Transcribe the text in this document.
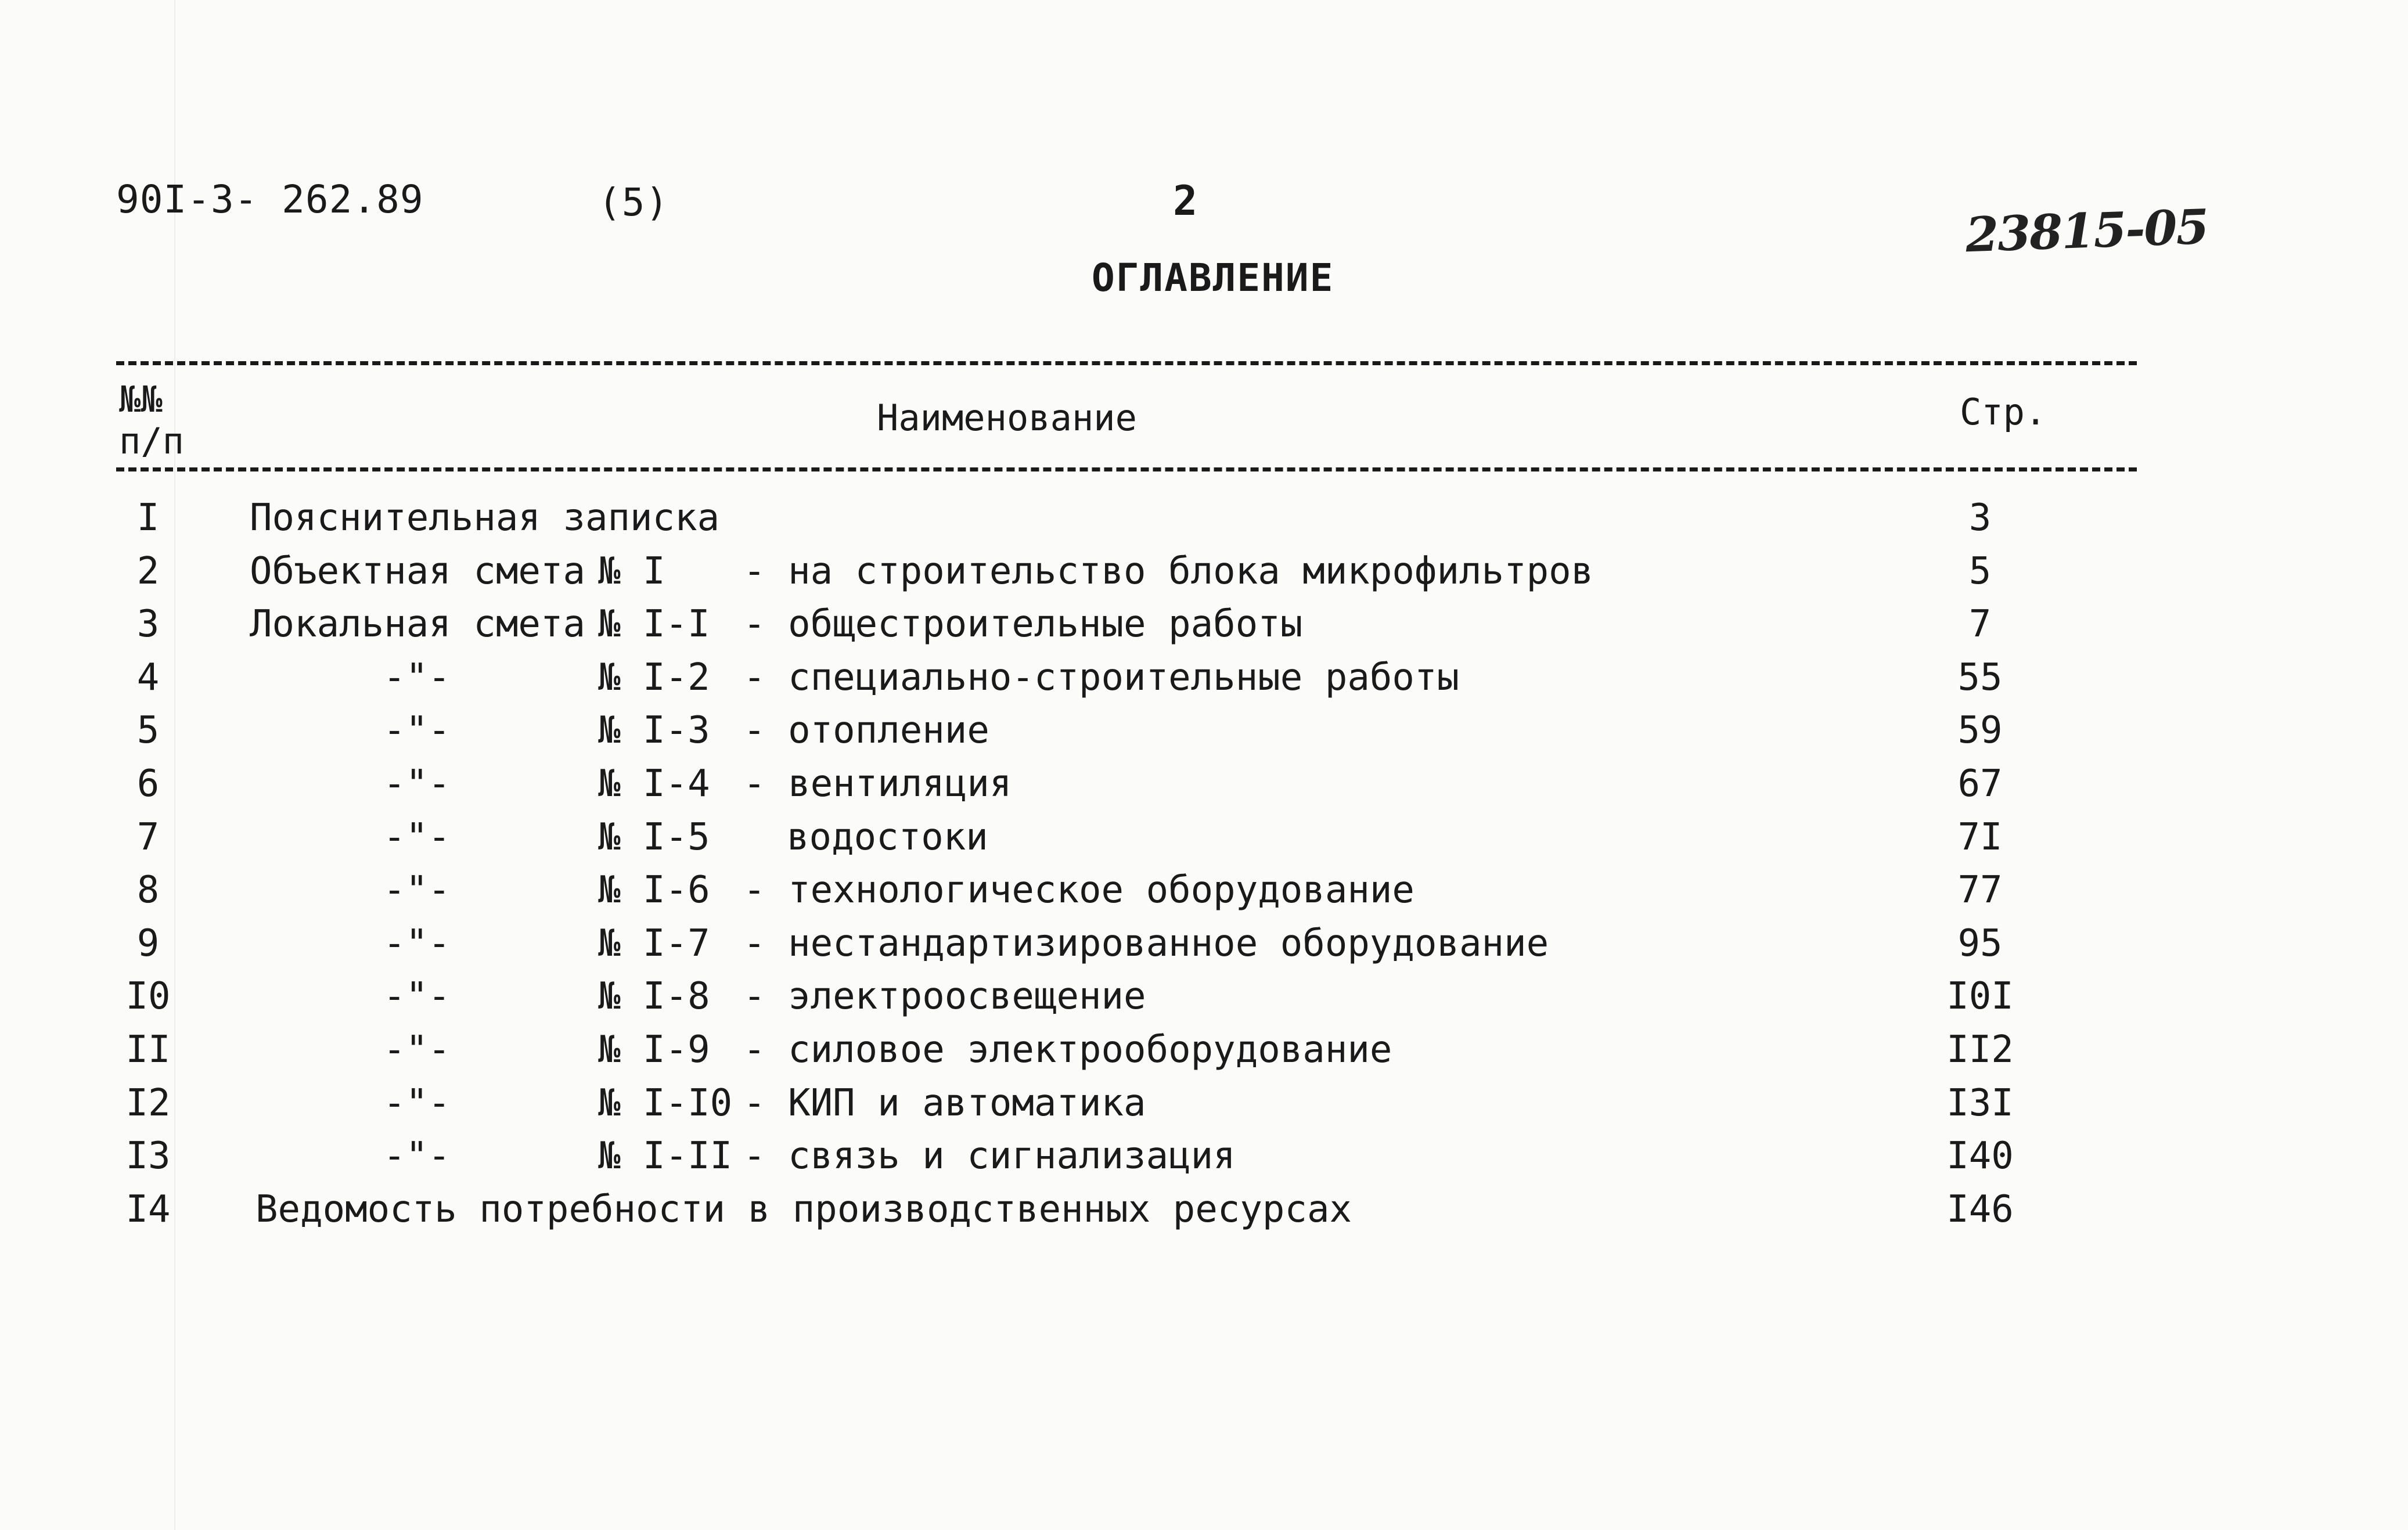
90I-3- 262.89	(5)	2
ОГЛАВЛЕНИЕ
23815-05
№№ п/п
Наименование	Стр.
I	Пояснительная записка	3
2	Объектная смета № I - на строительство блока микрофильтров	5
3	Локальная смета № I-I - общестроительные работы	7
4	-"-	№ I-2 - специально-строительные работы	55
5	-"-	№ I-3 - отопление	59
6	-"-	№ I-4 - вентиляция	67
7	-"-	№ I-5 водостоки	7I
8	-"-	№ I-6 - технологическое оборудование	77
9	-"-	№ I-7 - нестандартизированное оборудование	95
I0	-"-	№ I-8 - электроосвещение	I0I
II	-"-	№ I-9 - силовое электрооборудование	II2
I2	-"-	№ I-I0 - КИП и автоматика	I3I
I3	-"-	№ I-II - связь и сигнализация	I40
I4 Ведомость потребности в производственных ресурсах	I46
